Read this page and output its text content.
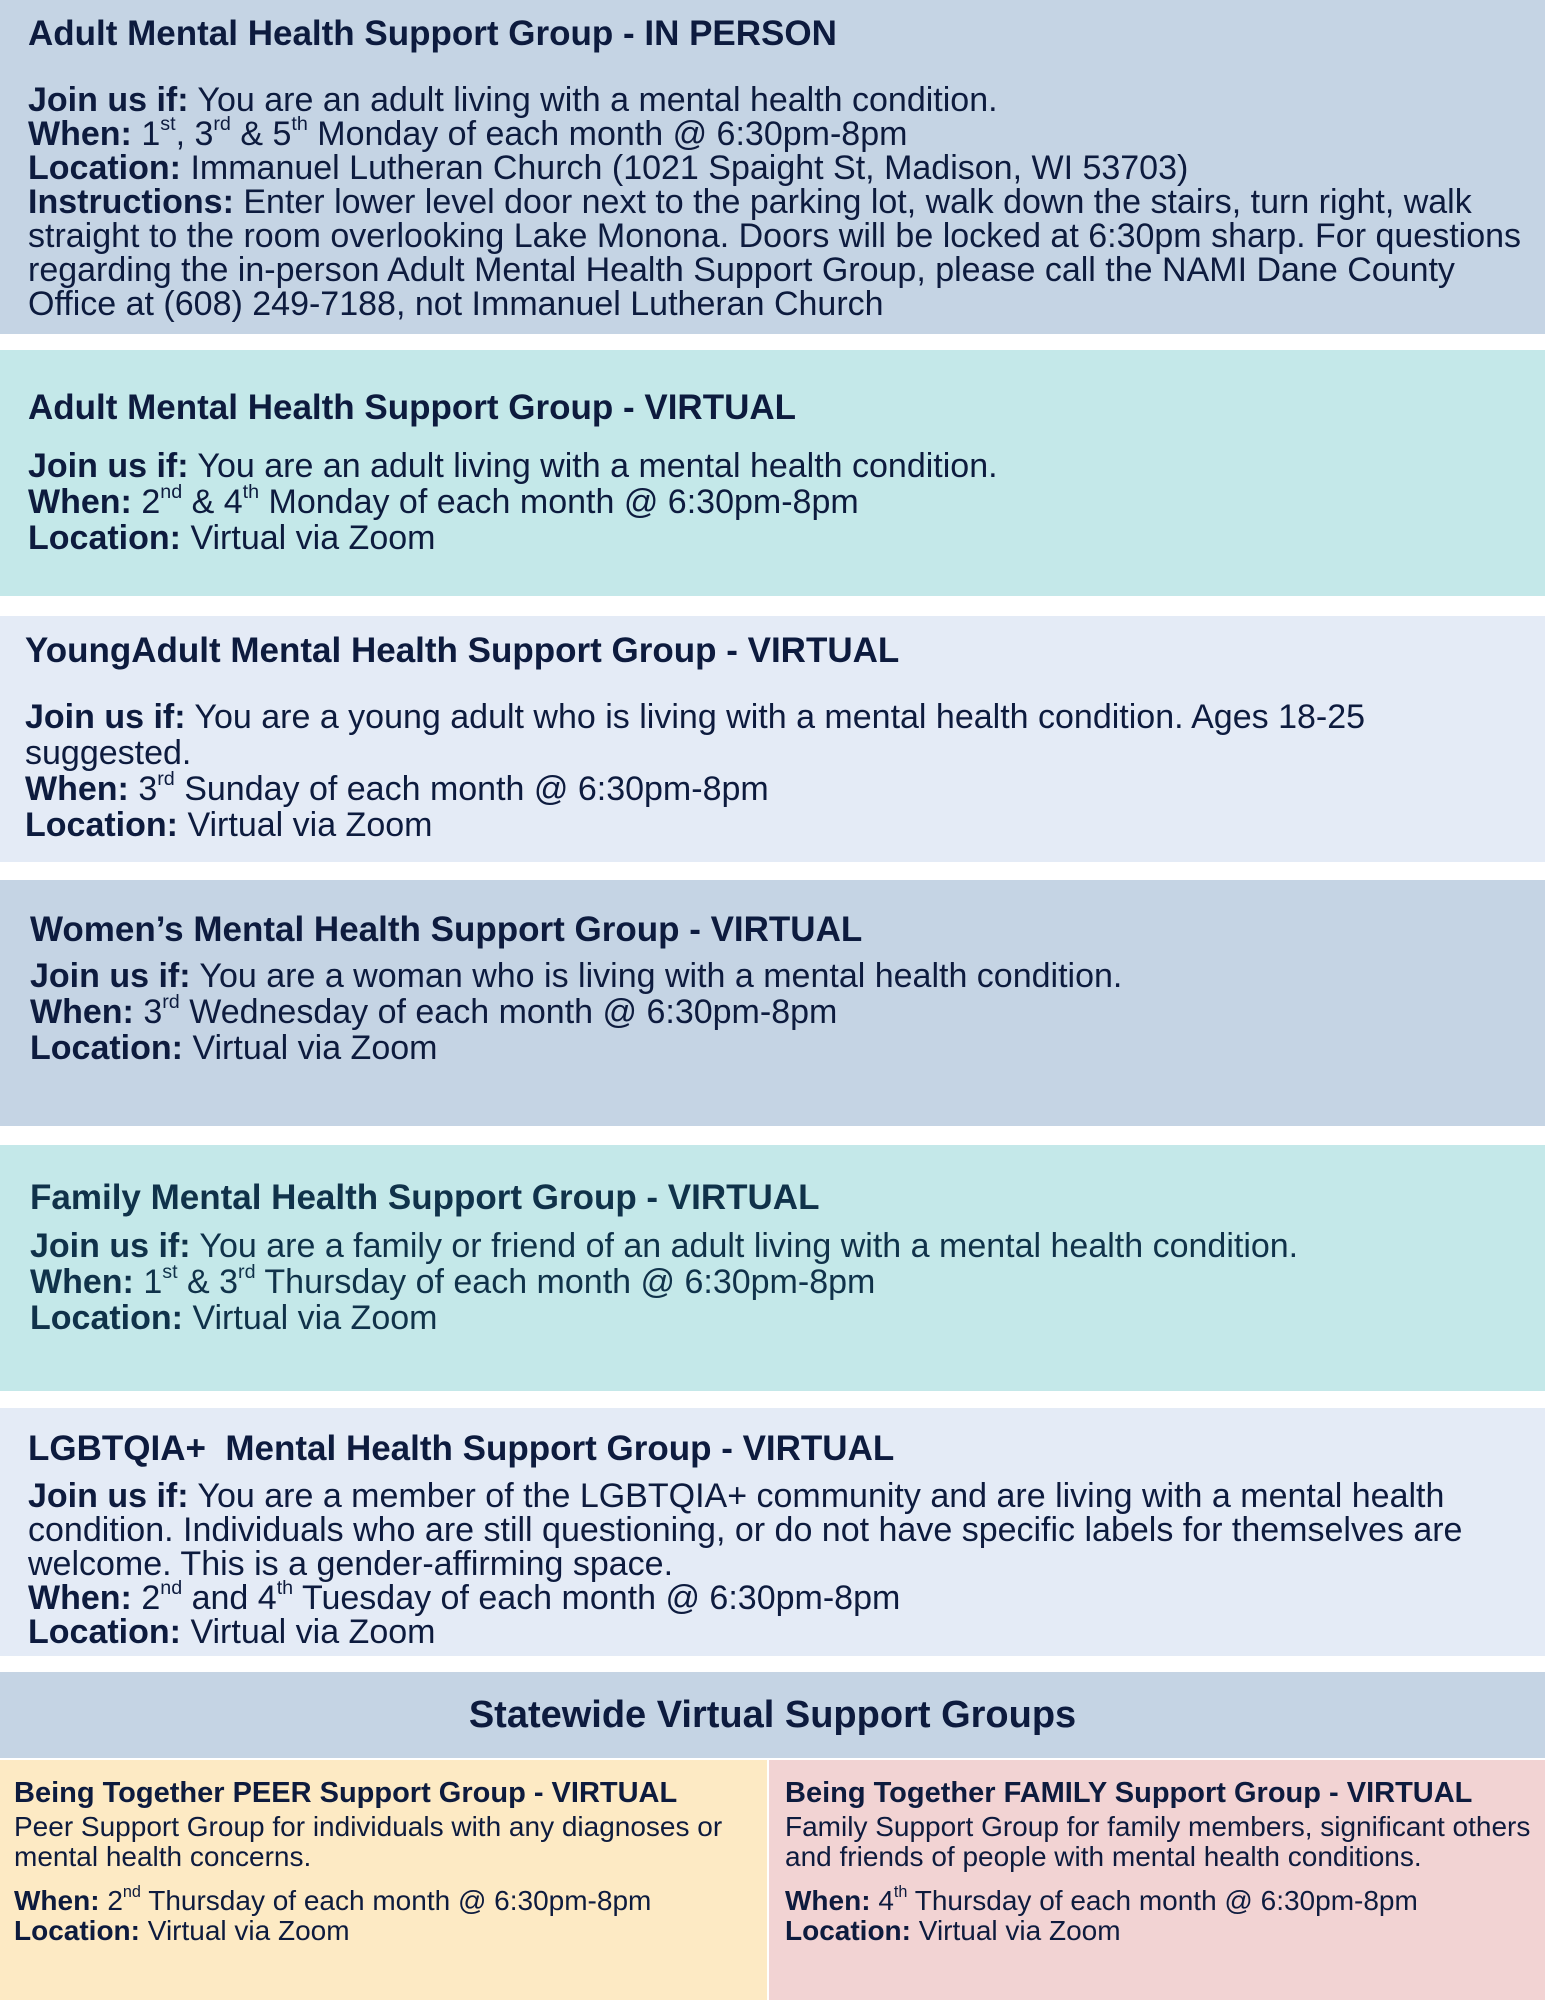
Adult Mental Health Support Group - IN PERSON

Join us if: You are an adult living with a mental health condition.
When: 1st, 3rd & 5th Monday of each month @ 6:30pm-8pm
Location: Immanuel Lutheran Church (1021 Spaight St, Madison, WI 53703)
Instructions: Enter lower level door next to the parking lot, walk down the stairs, turn right, walk straight to the room overlooking Lake Monona. Doors will be locked at 6:30pm sharp. For questions regarding the in-person Adult Mental Health Support Group, please call the NAMI Dane County Office at (608) 249-7188, not Immanuel Lutheran Church

Adult Mental Health Support Group - VIRTUAL

Join us if: You are an adult living with a mental health condition.
When: 2nd & 4th Monday of each month @ 6:30pm-8pm
Location: Virtual via Zoom

YoungAdult Mental Health Support Group - VIRTUAL

Join us if: You are a young adult who is living with a mental health condition. Ages 18-25 suggested.
When: 3rd Sunday of each month @ 6:30pm-8pm
Location: Virtual via Zoom

Women’s Mental Health Support Group - VIRTUAL

Join us if: You are a woman who is living with a mental health condition.
When: 3rd Wednesday of each month @ 6:30pm-8pm
Location: Virtual via Zoom

Family Mental Health Support Group - VIRTUAL

Join us if: You are a family or friend of an adult living with a mental health condition.
When: 1st & 3rd Thursday of each month @ 6:30pm-8pm
Location: Virtual via Zoom

LGBTQIA+  Mental Health Support Group - VIRTUAL

Join us if: You are a member of the LGBTQIA+ community and are living with a mental health condition. Individuals who are still questioning, or do not have specific labels for themselves are welcome. This is a gender-affirming space.
When: 2nd and 4th Tuesday of each month @ 6:30pm-8pm
Location: Virtual via Zoom

Statewide Virtual Support Groups
Being Together PEER Support Group - VIRTUAL

Peer Support Group for individuals with any diagnoses or mental health concerns.

When: 2nd Thursday of each month @ 6:30pm-8pm
Location: Virtual via Zoom

Being Together FAMILY Support Group - VIRTUAL

Family Support Group for family members, significant others and friends of people with mental health conditions.

When: 4th Thursday of each month @ 6:30pm-8pm
Location: Virtual via Zoom
